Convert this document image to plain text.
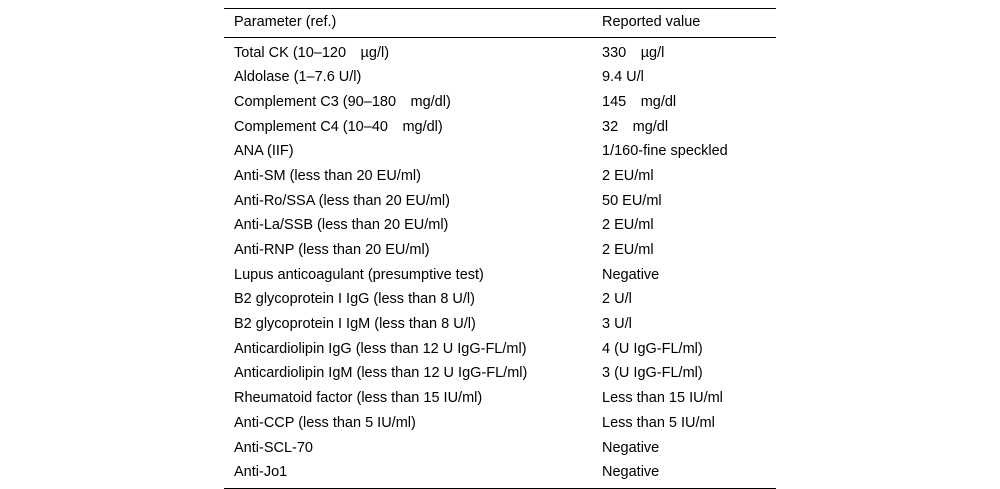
Parameter (ref.)	Reported value
Total CK (10–120 µg/l)	330 µg/l
Aldolase (1–7.6 U/l)	9.4 U/l
Complement C3 (90–180 mg/dl)	145 mg/dl
Complement C4 (10–40 mg/dl)	32 mg/dl
ANA (IIF)	1/160-fine speckled
Anti-SM (less than 20 EU/ml)	2 EU/ml
Anti-Ro/SSA (less than 20 EU/ml)	50 EU/ml
Anti-La/SSB (less than 20 EU/ml)	2 EU/ml
Anti-RNP (less than 20 EU/ml)	2 EU/ml
Lupus anticoagulant (presumptive test)	Negative
B2 glycoprotein I IgG (less than 8 U/l)	2 U/l
B2 glycoprotein I IgM (less than 8 U/l)	3 U/l
Anticardiolipin IgG (less than 12 U IgG-FL/ml)	4 (U IgG-FL/ml)
Anticardiolipin IgM (less than 12 U IgG-FL/ml)	3 (U IgG-FL/ml)
Rheumatoid factor (less than 15 IU/ml)	Less than 15 IU/ml
Anti-CCP (less than 5 IU/ml)	Less than 5 IU/ml
Anti-SCL-70	Negative
Anti-Jo1	Negative
